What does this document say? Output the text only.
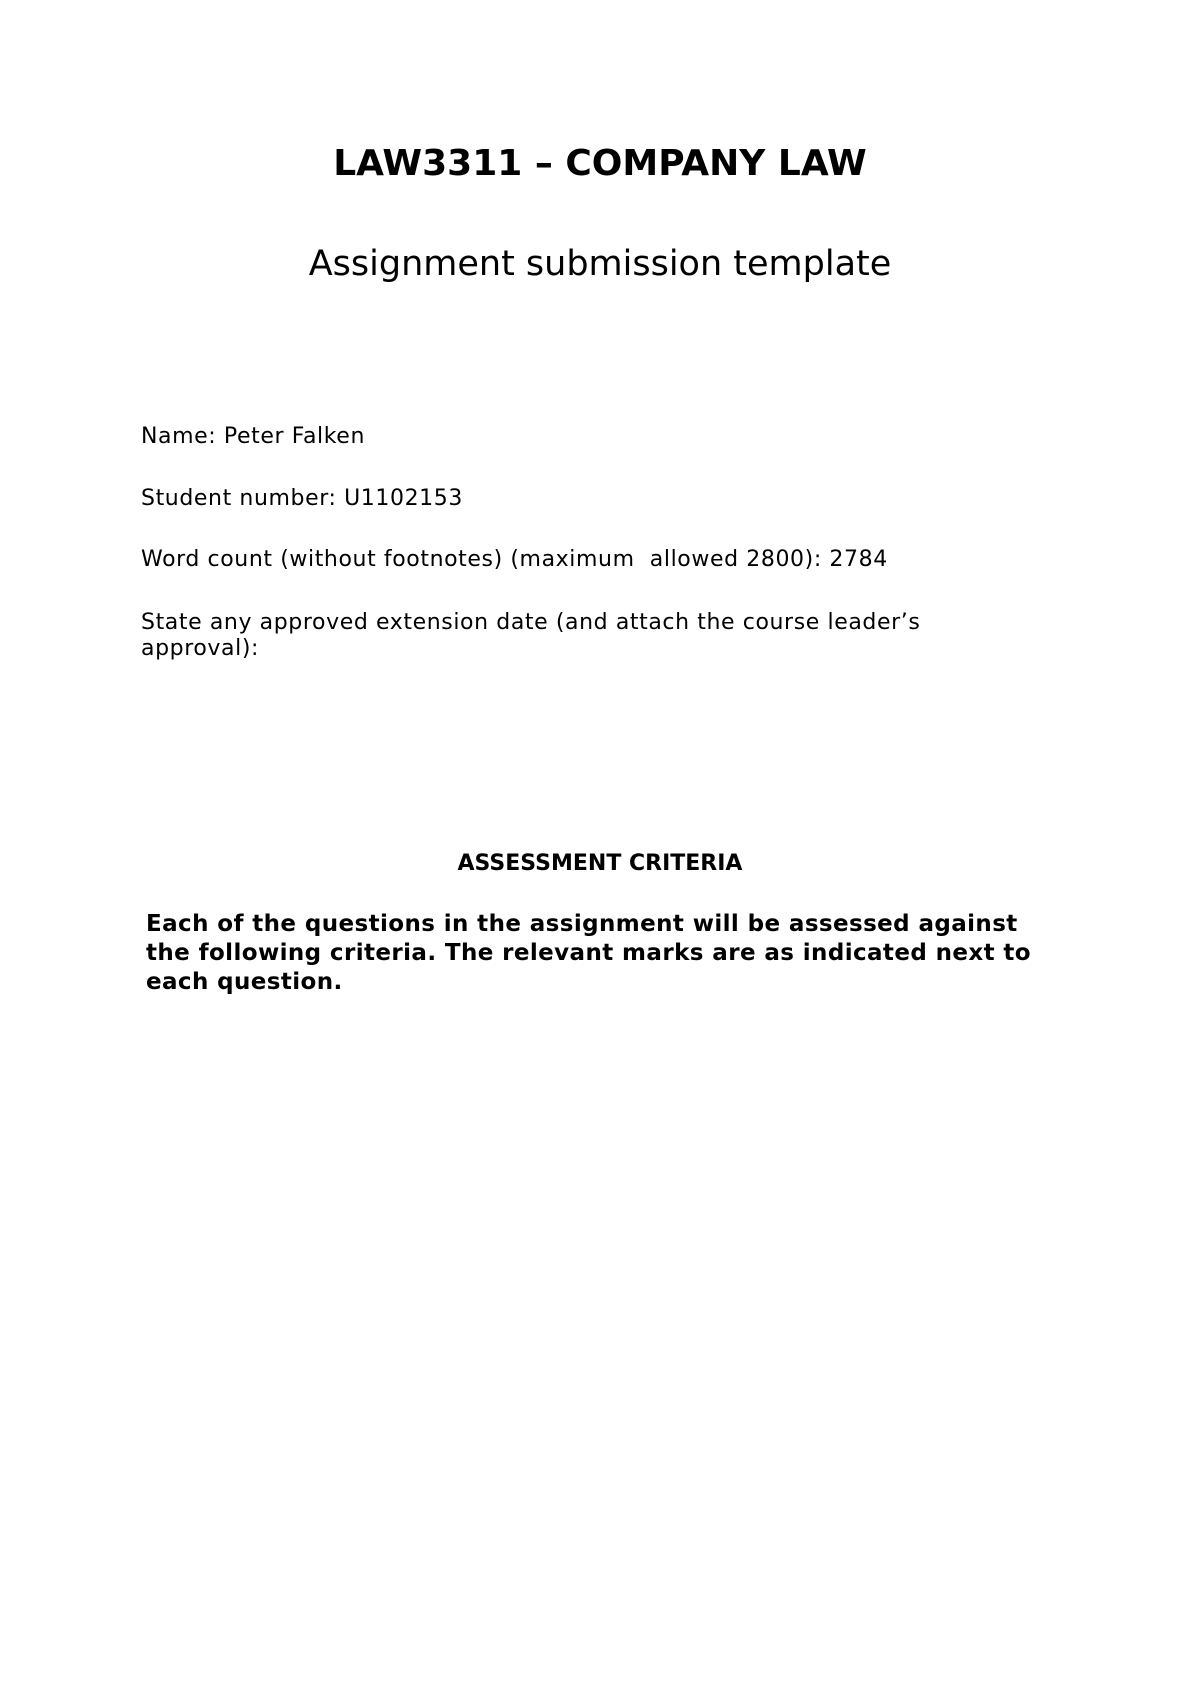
LAW3311 – COMPANY LAW
Assignment submission template
Name: Peter Falken
Student number: U1102153
Word count (without footnotes) (maximum  allowed 2800): 2784
State any approved extension date (and attach the course leader’s approval):
ASSESSMENT CRITERIA
Each of the questions in the assignment will be assessed against the following criteria. The relevant marks are as indicated next to each question.
